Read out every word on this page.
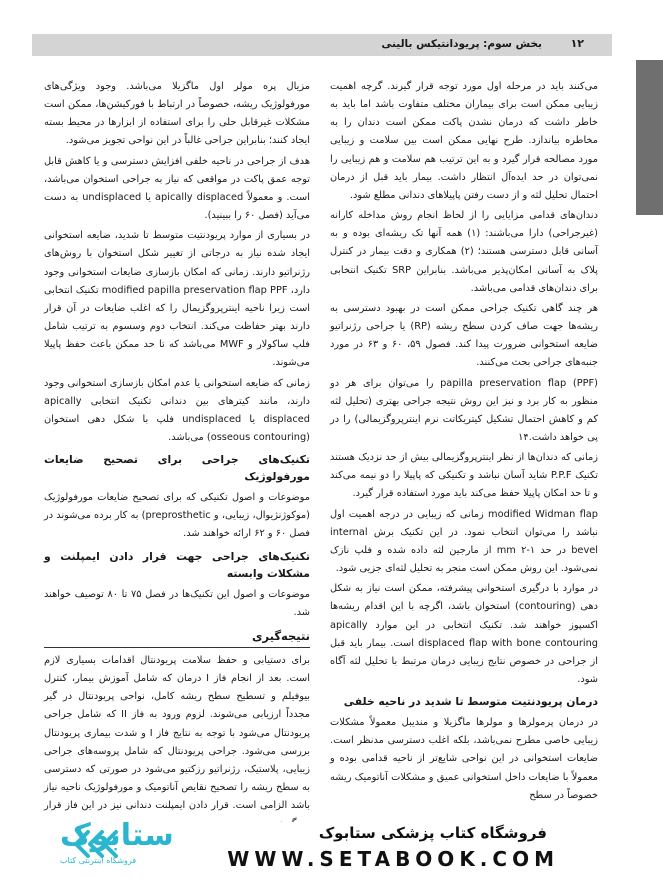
بخش سوم: پریودانتیکس بالینی	۱۲

می‌کنند باید در مرحله اول مورد توجه قرار گیرند. گرچه اهمیت زیبایی ممکن است برای بیماران مختلف متفاوت باشد اما باید به خاطر داشت که درمان نشدن پاکت ممکن است دندان را به مخاطره بیاندازد. طرح نهایی ممکن است بین سلامت و زیبایی مورد مصالحه قرار گیرد و به این ترتیب هم سلامت و هم زیبایی را نمی‌توان در حد ایده‌آل انتظار داشت. بیمار باید قبل از درمان احتمال تحلیل لثه و از دست رفتن پاپیلاهای دندانی مطلع شود.

دندان‌های قدامی مزایایی را از لحاظ انجام روش مداخله کارانه (غیرجراحی) دارا می‌باشند: (۱) همه آنها تک ریشه‌ای بوده و به آسانی قابل دسترسی هستند؛ (۲) همکاری و دقت بیمار در کنترل پلاک به آسانی امکان‌پذیر می‌باشد. بنابراین SRP تکنیک انتخابی برای دندان‌های قدامی می‌باشد.

هر چند گاهی تکنیک جراحی ممکن است در بهبود دسترسی به ریشه‌ها جهت صاف کردن سطح ریشه (RP) یا جراحی رژنراتیو ضایعه استخوانی ضرورت پیدا کند. فصول ۵۹، ۶۰ و ۶۳ در مورد جنبه‌های جراحی بحث می‌کنند.

(papilla preservation flap (PPF را می‌توان برای هر دو منظور به کار برد و نیز این روش نتیجه جراحی بهتری (تحلیل لثه کم و کاهش احتمال تشکیل کیتریکاتت نرم اینترپروگزیمالی) را در پی خواهد داشت.۱۴

زمانی که دندان‌ها از نظر اینترپروگزیمالی بیش از حد نزدیک هستند تکنیک P.P.F شاید آسان نباشد و تکنیکی که پاپیلا را دو نیمه می‌کند و تا حد امکان پاپیلا حفظ می‌کند باید مورد استفاده قرار گیرد.

modified Widman flap زمانی که زیبایی در درجه اهمیت اول نباشد را می‌توان انتخاب نمود. در این تکنیک برش internal bevel در حد ۱-۲ mm از مارجین لثه داده شده و فلپ نازک نمی‌شود. این روش ممکن است منجر به تحلیل لثه‌ای جزیی شود.

در موارد با درگیری استخوانی پیشرفته، ممکن است نیاز به شکل دهی (contouring) استخوان باشد، اگرچه با این اقدام ریشه‌ها اکسپوز خواهند شد. تکنیک انتخابی در این موارد apically displaced flap with bone contouring است. بیمار باید قبل از جراحی در خصوص نتایج زیبایی درمان مرتبط با تحلیل لثه آگاه شود.

درمان پریودنتیت متوسط تا شدید در ناحیه خلفی

در درمان پرمولرها و مولرها ماگزیلا و مندیبل معمولاً مشکلات زیبایی خاصی مطرح نمی‌باشد، بلکه اغلب دسترسی مدنظر است. ضایعات استخوانی در این نواحی شایع‌تر از ناحیه قدامی بوده و معمولاً با ضایعات داخل استخوانی عمیق و مشکلات آناتومیک ریشه خصوصاً در سطح

مزیال پره مولر اول ماگزیلا می‌باشد. وجود ویژگی‌های مورفولوژیک ریشه، خصوصاً در ارتباط با فورکیشن‌ها، ممکن است مشکلات غیرقابل حلی را برای استفاده از ابزارها در محیط بسته ایجاد کنند؛ بنابراین جراحی غالباً در این نواحی تجویز می‌شود.

هدف از جراحی در ناحیه خلفی افزایش دسترسی و یا کاهش قابل توجه عمق پاکت در مواقعی که نیاز به جراحی استخوان می‌باشد، است. و معمولاً apically displaced یا undisplaced به دست می‌آید (فصل ۶۰ را ببینید).

در بسیاری از موارد پریودنتیت متوسط تا شدید، ضایعه استخوانی ایجاد شده نیاز به درجاتی از تغییر شکل استخوان با روش‌های رژنراتیو دارند. زمانی که امکان بازسازی ضایعات استخوانی وجود دارد، modified papilla preservation flap PPF تکنیک انتخابی است زیرا ناحیه اینترپروگزیمال را که اغلب ضایعات در آن قرار دارند بهتر حفاظت می‌کند. انتخاب دوم وسسوم به ترتیب شامل فلپ ساکولار و MWF می‌باشد که تا حد ممکن باعث حفظ پاپیلا می‌شوند.

زمانی که ضایعه استخوانی یا عدم امکان بازسازی استخوانی وجود دارند، مانند کیترهای بین دندانی تکنیک انتخابی apically displaced یا undisplaced فلپ با شکل دهی استخوان (osseous contouring) می‌باشد.

تکنیک‌های جراحی برای تصحیح ضایعات مورفولوژیک

موضوعات و اصول تکنیکی که برای تصحیح ضایعات مورفولوژیک (موکوژنژیوال، زیبایی، و preprosthetic) به کار برده می‌شوند در فصل ۶۰ و ۶۲ ارائه خواهند شد.

تکنیک‌های جراحی جهت قرار دادن ایمپلنت و مشکلات وابسته

موضوعات و اصول این تکنیک‌ها در فصل ۷۵ تا ۸۰ توصیف خواهند شد.

نتیجه‌گیری

برای دستیابی و حفظ سلامت پریودنتال اقدامات بسیاری لازم است. بعد از انجام فاز I درمان که شامل آموزش بیمار، کنترل بیوفیلم و تسطیح سطح ریشه کامل، نواحی پریودنتال در گیر مجدداً ارزیابی می‌شوند. لزوم ورود به فاز II که شامل جراحی پریودنتال می‌شود با توجه به نتایج فاز I و شدت بیماری پریودنتال بررسی می‌شود. جراحی پریودنتال که شامل پروسه‌های جراحی زیبایی، پلاستیک، رژنراتیو رزکتیو می‌شود در صورتی که دسترسی به سطح ریشه را تصحیح نقایص آناتومیک و مورفولوژیک ناحیه نیاز باشد الزامی است. قرار دادن ایمپلنت دندانی نیز در این فاز قرار

ستابوک
فروشگاه اینترنتی کتاب
فروشگاه کتاب پزشکی ستابوک
WWW.SETABOOK.COM
